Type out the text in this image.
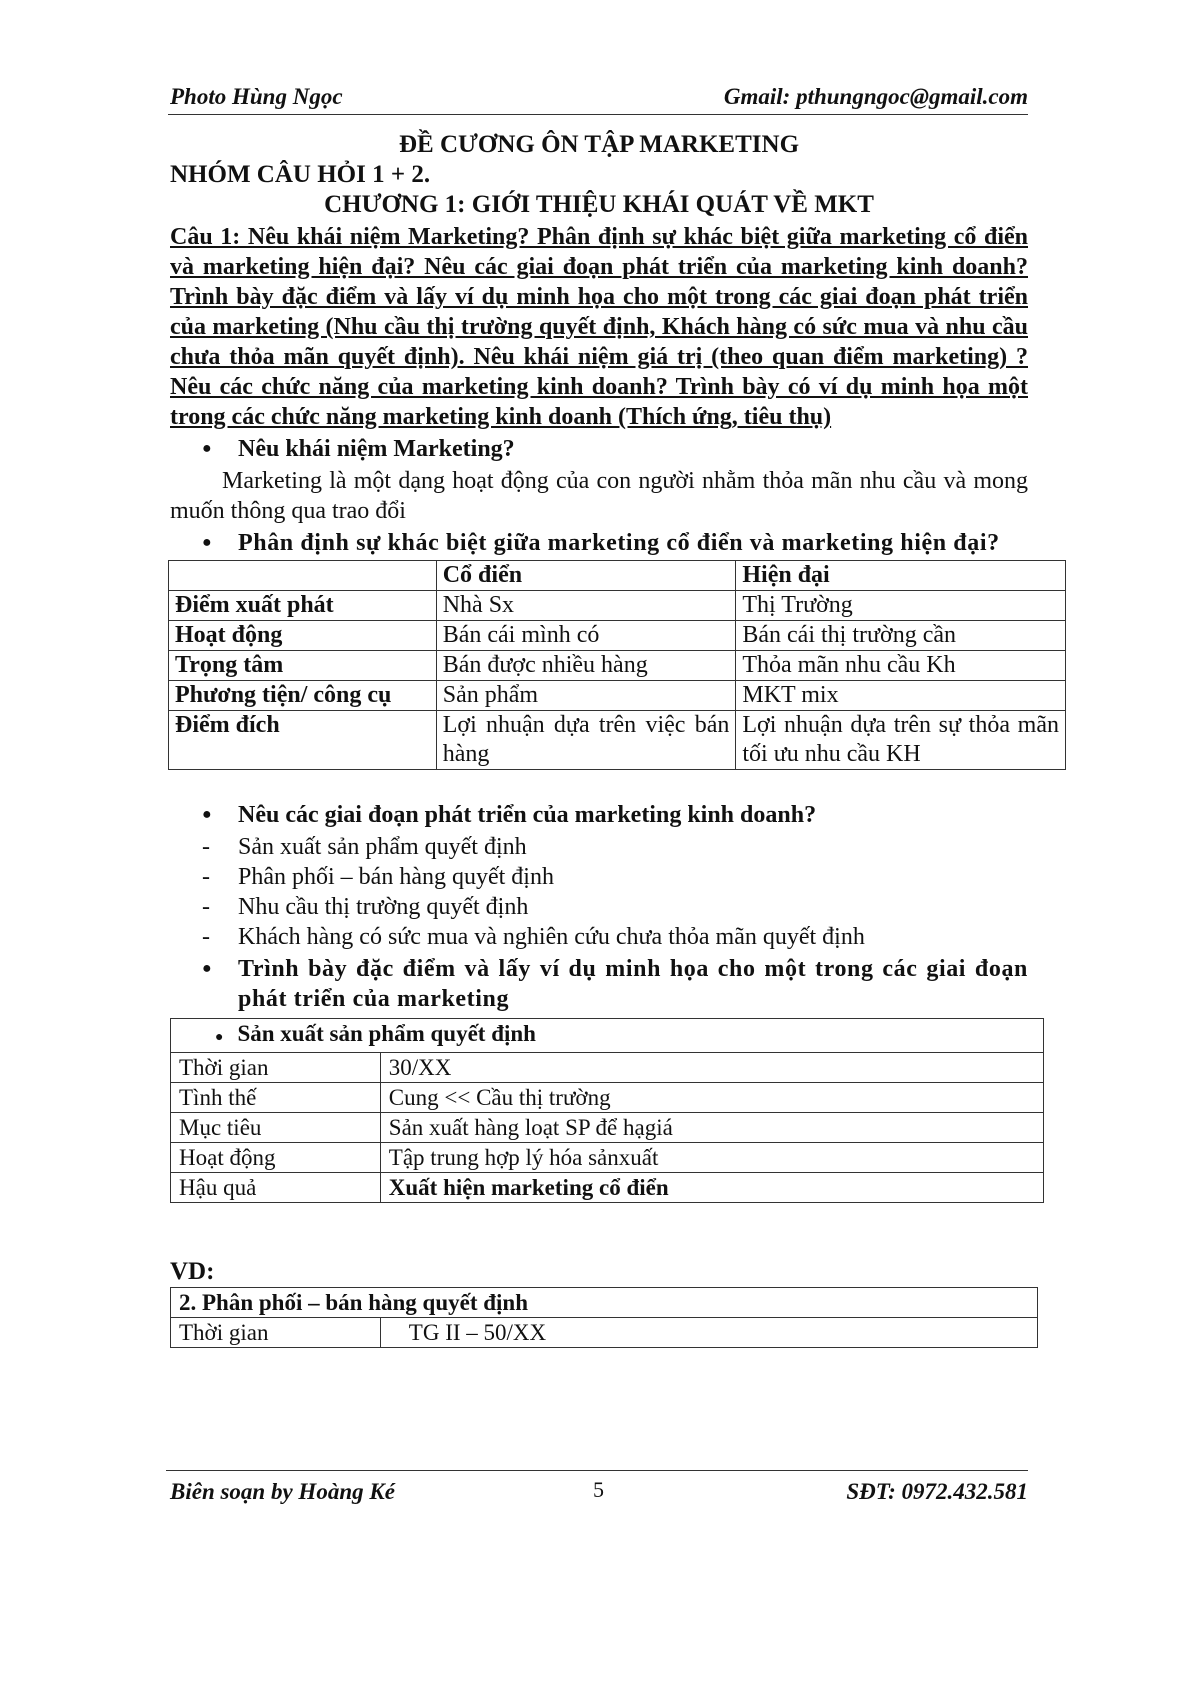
Photo Hùng Ngọc	Gmail: pthungngoc@gmail.com
ĐỀ CƯƠNG ÔN TẬP MARKETING
NHÓM CÂU HỎI 1 + 2.
CHƯƠNG 1: GIỚI THIỆU KHÁI QUÁT VỀ MKT
Câu 1: Nêu khái niệm Marketing? Phân định sự khác biệt giữa marketing cổ điển và marketing hiện đại? Nêu các giai đoạn phát triển của marketing kinh doanh? Trình bày đặc điểm và lấy ví dụ minh họa cho một trong các giai đoạn phát triển của marketing (Nhu cầu thị trường quyết định, Khách hàng có sức mua và nhu cầu chưa thỏa mãn quyết định). Nêu khái niệm giá trị (theo quan điểm marketing) ? Nêu các chức năng của marketing kinh doanh? Trình bày có ví dụ minh họa một trong các chức năng marketing kinh doanh (Thích ứng, tiêu thụ)
● Nêu khái niệm Marketing?
Marketing là một dạng hoạt động của con người nhằm thỏa mãn nhu cầu và mong muốn thông qua trao đổi
● Phân định sự khác biệt giữa marketing cổ điển và marketing hiện đại?
	Cổ điển	Hiện đại
Điểm xuất phát	Nhà Sx	Thị Trường
Hoạt động	Bán cái mình có	Bán cái thị trường cần
Trọng tâm	Bán được nhiều hàng	Thỏa mãn nhu cầu Kh
Phương tiện/ công cụ	Sản phẩm	MKT mix
Điểm đích	Lợi nhuận dựa trên việc bán hàng	Lợi nhuận dựa trên sự thỏa mãn tối ưu nhu cầu KH
● Nêu các giai đoạn phát triển của marketing kinh doanh?
- Sản xuất sản phẩm quyết định
- Phân phối – bán hàng quyết định
- Nhu cầu thị trường quyết định
- Khách hàng có sức mua và nghiên cứu chưa thỏa mãn quyết định
● Trình bày đặc điểm và lấy ví dụ minh họa cho một trong các giai đoạn phát triển của marketing
● Sản xuất sản phẩm quyết định	
Thời gian	30/XX
Tình thế	Cung << Cầu thị trường
Mục tiêu	Sản xuất hàng loạt SP để hạgiá
Hoạt động	Tập trung hợp lý hóa sảnxuất
Hậu quả	Xuất hiện marketing cổ điển
VD:
2. Phân phối – bán hàng quyết định
Thời gian	TG II – 50/XX
Biên soạn by Hoàng Ké	5	SĐT: 0972.432.581
